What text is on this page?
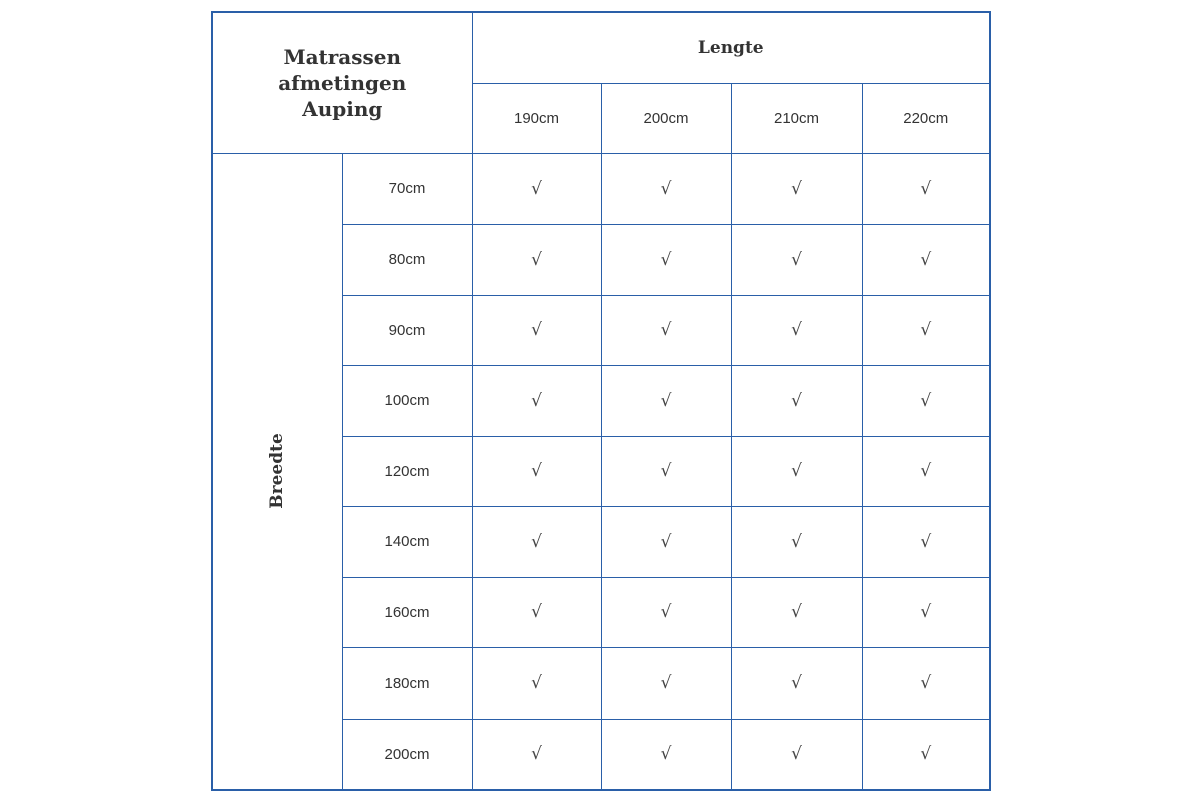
Matrassen
afmetingen
Auping		Lengte			
		190cm	200cm	210cm	220cm
Breedte	70cm	√	√	√	√
	80cm	√	√	√	√
	90cm	√	√	√	√
	100cm	√	√	√	√
	120cm	√	√	√	√
	140cm	√	√	√	√
	160cm	√	√	√	√
	180cm	√	√	√	√
	200cm	√	√	√	√
